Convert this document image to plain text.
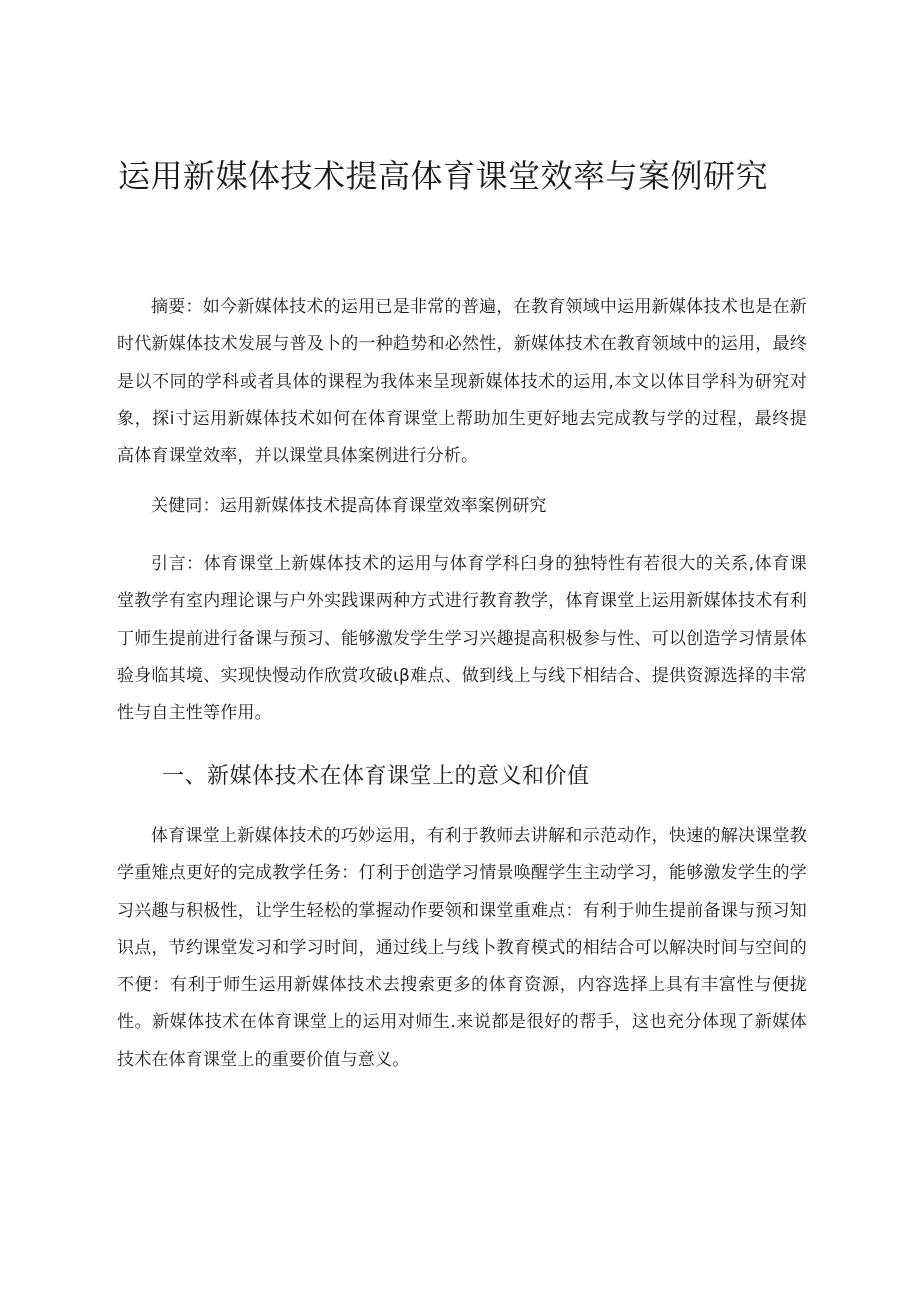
运用新媒体技术提高体育课堂效率与案例研究

摘要：如今新媒体技术的运用已是非常的普遍，在教育领域中运用新媒体技术也是在新时代新媒体技术发展与普及卜的一种趋势和必然性，新媒体技术在教育领域中的运用，最终是以不同的学科或者具体的课程为我体来呈现新媒体技术的运用,本文以体目学科为研究对象，探i寸运用新媒体技术如何在体育课堂上帮助加生更好地去完成教与学的过程，最终提高体育课堂效率，并以课堂具体案例进行分析。

关健同：运用新媒体技术提高体育课堂效率案例研究

引言：体育课堂上新媒体技术的运用与体育学科臼身的独特性有若很大的关系,体育课堂教学有室内理论课与户外实践课两种方式进行教育教学，体育课堂上运用新媒体技术有利丁师生提前进行备课与预习、能够激发学生学习兴趣提高积极参与性、可以创造学习情景体验身临其境、实现快慢动作欣赏攻破ιβ难点、做到线上与线下相结合、提供资源选择的丰常性与自主性等作用。

一、新媒体技术在体育课堂上的意义和价值

体育课堂上新媒体技术的巧妙运用，有利于教师去讲解和示范动作，快速的解决课堂教学重雉点更好的完成教学任务：仃利于创造学习情景唤醒学生主动学习，能够激发学生的学习兴趣与积极性，让学生轻松的掌握动作要领和课堂重难点：有利于帅生提前备课与预习知识点，节约课堂发习和学习时间，通过线上与线卜教育模式的相结合可以解决时间与空间的不便：有利于师生运用新媒体技术去搜索更多的体育资源，内容选择上具有丰富性与便拢性。新媒体技术在体育课堂上的运用对师生.来说都是很好的帮手，这也充分体现了新媒体技术在体育课堂上的重要价值与意义。
